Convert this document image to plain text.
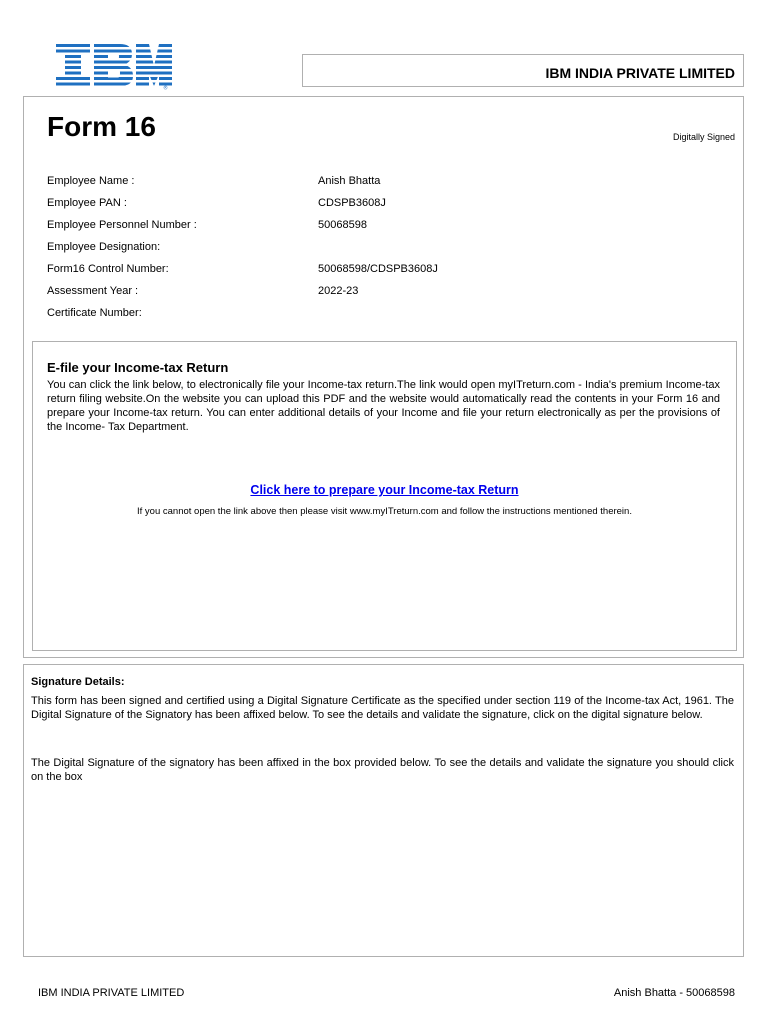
®
IBM INDIA PRIVATE LIMITED
Form 16	Digitally Signed
Employee Name :	Anish Bhatta
Employee PAN :	CDSPB3608J
Employee Personnel Number :	50068598
Employee Designation:
Form16 Control Number:	50068598/CDSPB3608J
Assessment Year :	2022-23
Certificate Number:
E-file your Income-tax Return
You can click the link below, to electronically file your Income-tax return.The link would open myITreturn.com - India's premium Income-tax return filing website.On the website you can upload this PDF and the website would automatically read the contents in your Form 16 and prepare your Income-tax return. You can enter additional details of your Income and file your return electronically as per the provisions of the Income- Tax Department.
Click here to prepare your Income-tax Return
If you cannot open the link above then please visit www.myITreturn.com and follow the instructions mentioned therein.
Signature Details:
This form has been signed and certified using a Digital Signature Certificate as the specified under section 119 of the Income-tax Act, 1961. The Digital Signature of the Signatory has been affixed below. To see the details and validate the signature, click on the digital signature below.
The Digital Signature of the signatory has been affixed in the box provided below. To see the details and validate the signature you should click on the box
IBM INDIA PRIVATE LIMITED	Anish Bhatta - 50068598
